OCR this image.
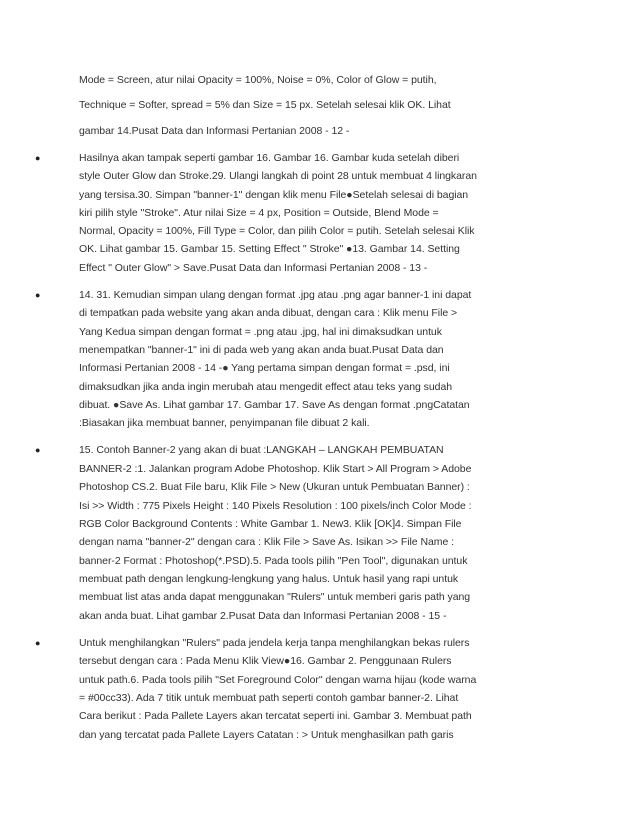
Mode = Screen, atur nilai Opacity = 100%, Noise = 0%, Color of Glow = putih,
Technique = Softer, spread = 5% dan Size = 15 px. Setelah selesai klik OK. Lihat
gambar 14.Pusat Data dan Informasi Pertanian 2008 - 12 -
●	Hasilnya akan tampak seperti gambar 16. Gambar 16. Gambar kuda setelah diberi
style Outer Glow dan Stroke.29. Ulangi langkah di point 28 untuk membuat 4 lingkaran
yang tersisa.30. Simpan "banner-1" dengan klik menu File●Setelah selesai di bagian
kiri pilih style "Stroke". Atur nilai Size = 4 px, Position = Outside, Blend Mode =
Normal, Opacity = 100%, Fill Type = Color, dan pilih Color = putih. Setelah selesai Klik
OK. Lihat gambar 15. Gambar 15. Setting Effect " Stroke" ●13. Gambar 14. Setting
Effect " Outer Glow" > Save.Pusat Data dan Informasi Pertanian 2008 - 13 -
●	14. 31. Kemudian simpan ulang dengan format .jpg atau .png agar banner-1 ini dapat
di tempatkan pada website yang akan anda dibuat, dengan cara : Klik menu File >
Yang Kedua simpan dengan format = .png atau .jpg, hal ini dimaksudkan untuk
menempatkan "banner-1" ini di pada web yang akan anda buat.Pusat Data dan
Informasi Pertanian 2008 - 14 -● Yang pertama simpan dengan format = .psd, ini
dimaksudkan jika anda ingin merubah atau mengedit effect atau teks yang sudah
dibuat. ●Save As. Lihat gambar 17. Gambar 17. Save As dengan format .pngCatatan
:Biasakan jika membuat banner, penyimpanan file dibuat 2 kali.
●	15. Contoh Banner-2 yang akan di buat :LANGKAH – LANGKAH PEMBUATAN
BANNER-2 :1. Jalankan program Adobe Photoshop. Klik Start > All Program > Adobe
Photoshop CS.2. Buat File baru, Klik File > New (Ukuran untuk Pembuatan Banner) :
Isi >> Width : 775 Pixels Height : 140 Pixels Resolution : 100 pixels/inch Color Mode :
RGB Color Background Contents : White Gambar 1. New3. Klik [OK]4. Simpan File
dengan nama "banner-2" dengan cara : Klik File > Save As. Isikan >> File Name :
banner-2 Format : Photoshop(*.PSD).5. Pada tools pilih "Pen Tool", digunakan untuk
membuat path dengan lengkung-lengkung yang halus. Untuk hasil yang rapi untuk
membuat list atas anda dapat menggunakan "Rulers" untuk memberi garis path yang
akan anda buat. Lihat gambar 2.Pusat Data dan Informasi Pertanian 2008 - 15 -
●	Untuk menghilangkan "Rulers" pada jendela kerja tanpa menghilangkan bekas rulers
tersebut dengan cara : Pada Menu Klik View●16. Gambar 2. Penggunaan Rulers
untuk path.6. Pada tools pilih "Set Foreground Color" dengan warna hijau (kode warna
= #00cc33). Ada 7 titik untuk membuat path seperti contoh gambar banner-2. Lihat
Cara berikut : Pada Pallete Layers akan tercatat seperti ini. Gambar 3. Membuat path
dan yang tercatat pada Pallete Layers Catatan : > Untuk menghasilkan path garis
